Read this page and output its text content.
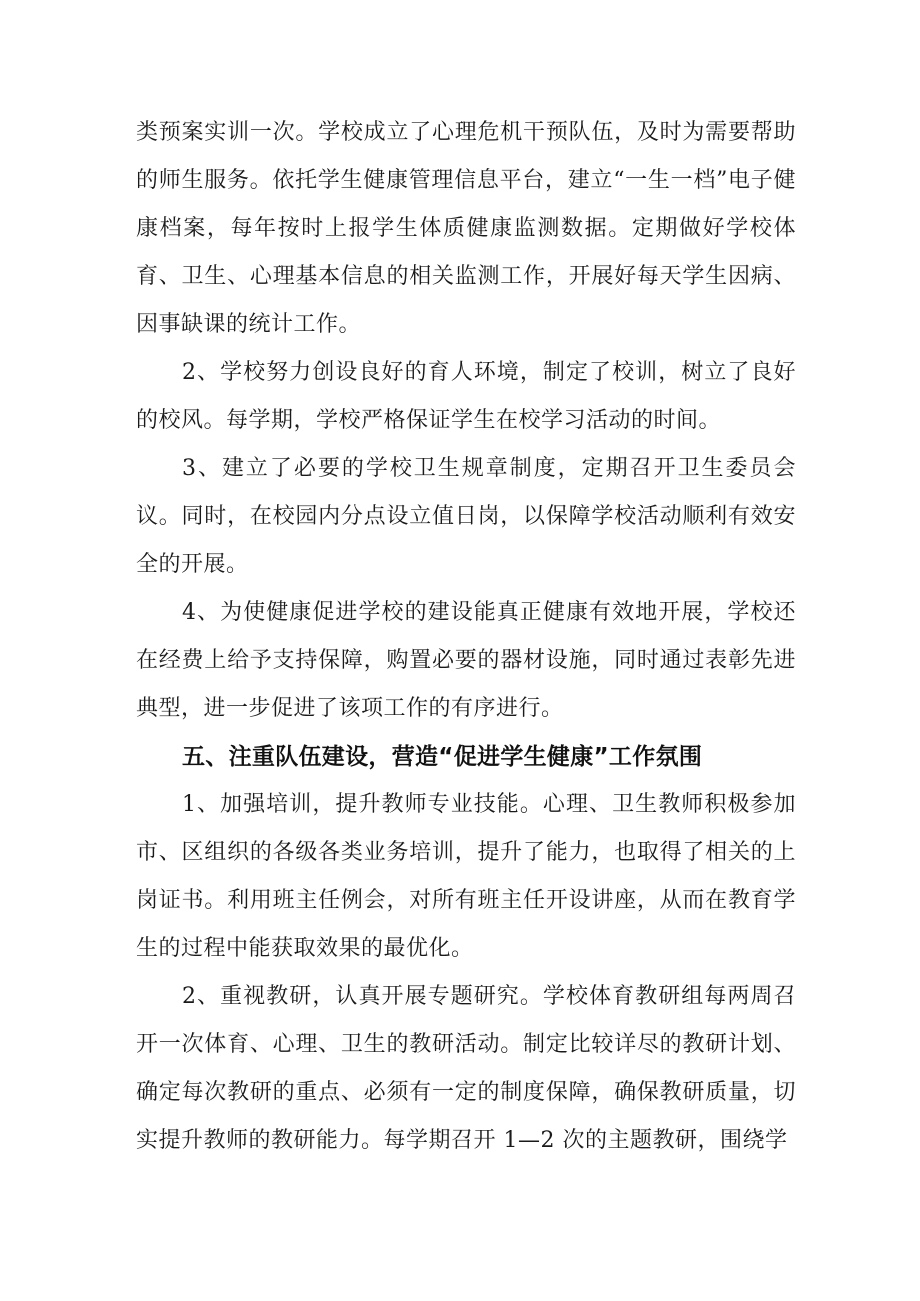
类预案实训一次。学校成立了心理危机干预队伍，及时为需要帮助的师生服务。依托学生健康管理信息平台，建立“一生一档”电子健康档案，每年按时上报学生体质健康监测数据。定期做好学校体育、卫生、心理基本信息的相关监测工作，开展好每天学生因病、因事缺课的统计工作。

2、学校努力创设良好的育人环境，制定了校训，树立了良好的校风。每学期，学校严格保证学生在校学习活动的时间。

3、建立了必要的学校卫生规章制度，定期召开卫生委员会议。同时，在校园内分点设立值日岗，以保障学校活动顺利有效安全的开展。

4、为使健康促进学校的建设能真正健康有效地开展，学校还在经费上给予支持保障，购置必要的器材设施，同时通过表彰先进典型，进一步促进了该项工作的有序进行。

五、注重队伍建设，营造“促进学生健康”工作氛围

1、加强培训，提升教师专业技能。心理、卫生教师积极参加市、区组织的各级各类业务培训，提升了能力，也取得了相关的上岗证书。利用班主任例会，对所有班主任开设讲座，从而在教育学生的过程中能获取效果的最优化。

2、重视教研，认真开展专题研究。学校体育教研组每两周召开一次体育、心理、卫生的教研活动。制定比较详尽的教研计划、确定每次教研的重点、必须有一定的制度保障，确保教研质量，切实提升教师的教研能力。每学期召开 1—2 次的主题教研，围绕学
